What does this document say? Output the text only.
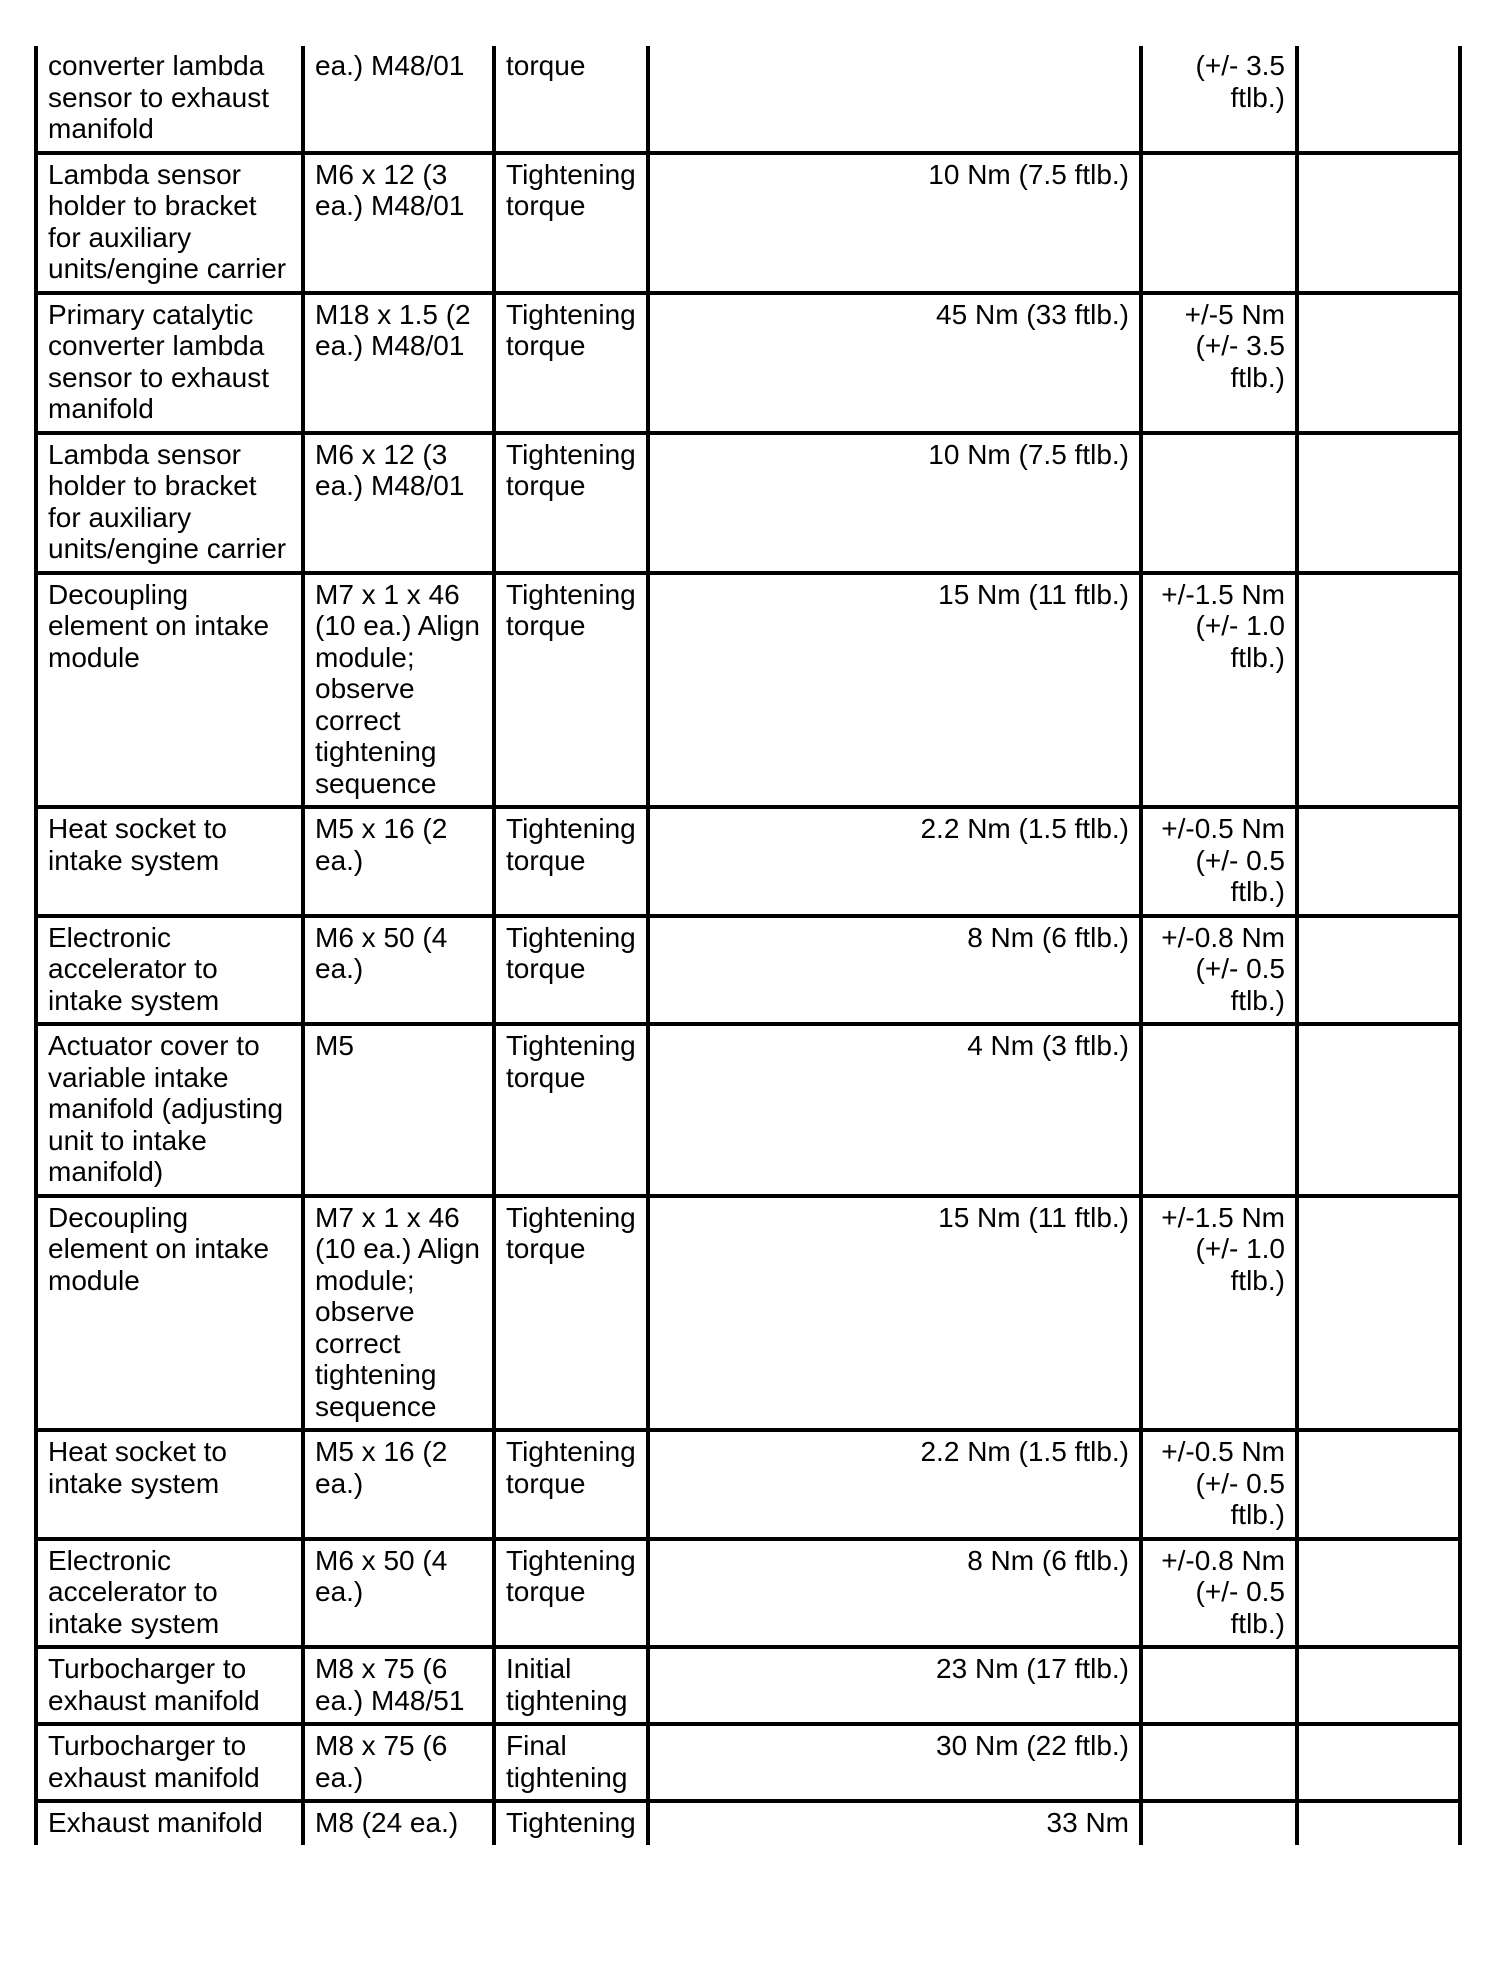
converter lambda sensor to exhaust manifold	ea.) M48/01	torque		(+/- 3.5 ftlb.)	
Lambda sensor holder to bracket for auxiliary units/engine carrier	M6 x 12 (3 ea.) M48/01	Tightening torque	10 Nm (7.5 ftlb.)		
Primary catalytic converter lambda sensor to exhaust manifold	M18 x 1.5 (2 ea.) M48/01	Tightening torque	45 Nm (33 ftlb.)	+/-5 Nm (+/- 3.5 ftlb.)	
Lambda sensor holder to bracket for auxiliary units/engine carrier	M6 x 12 (3 ea.) M48/01	Tightening torque	10 Nm (7.5 ftlb.)		
Decoupling element on intake module	M7 x 1 x 46 (10 ea.) Align module; observe correct tightening sequence	Tightening torque	15 Nm (11 ftlb.)	+/-1.5 Nm (+/- 1.0 ftlb.)	
Heat socket to intake system	M5 x 16 (2 ea.)	Tightening torque	2.2 Nm (1.5 ftlb.)	+/-0.5 Nm (+/- 0.5 ftlb.)	
Electronic accelerator to intake system	M6 x 50 (4 ea.)	Tightening torque	8 Nm (6 ftlb.)	+/-0.8 Nm (+/- 0.5 ftlb.)	
Actuator cover to variable intake manifold (adjusting unit to intake manifold)	M5	Tightening torque	4 Nm (3 ftlb.)		
Decoupling element on intake module	M7 x 1 x 46 (10 ea.) Align module; observe correct tightening sequence	Tightening torque	15 Nm (11 ftlb.)	+/-1.5 Nm (+/- 1.0 ftlb.)	
Heat socket to intake system	M5 x 16 (2 ea.)	Tightening torque	2.2 Nm (1.5 ftlb.)	+/-0.5 Nm (+/- 0.5 ftlb.)	
Electronic accelerator to intake system	M6 x 50 (4 ea.)	Tightening torque	8 Nm (6 ftlb.)	+/-0.8 Nm (+/- 0.5 ftlb.)	
Turbocharger to exhaust manifold	M8 x 75 (6 ea.) M48/51	Initial tightening	23 Nm (17 ftlb.)		
Turbocharger to exhaust manifold	M8 x 75 (6 ea.)	Final tightening	30 Nm (22 ftlb.)		
Exhaust manifold	M8 (24 ea.)	Tightening	33 Nm		
